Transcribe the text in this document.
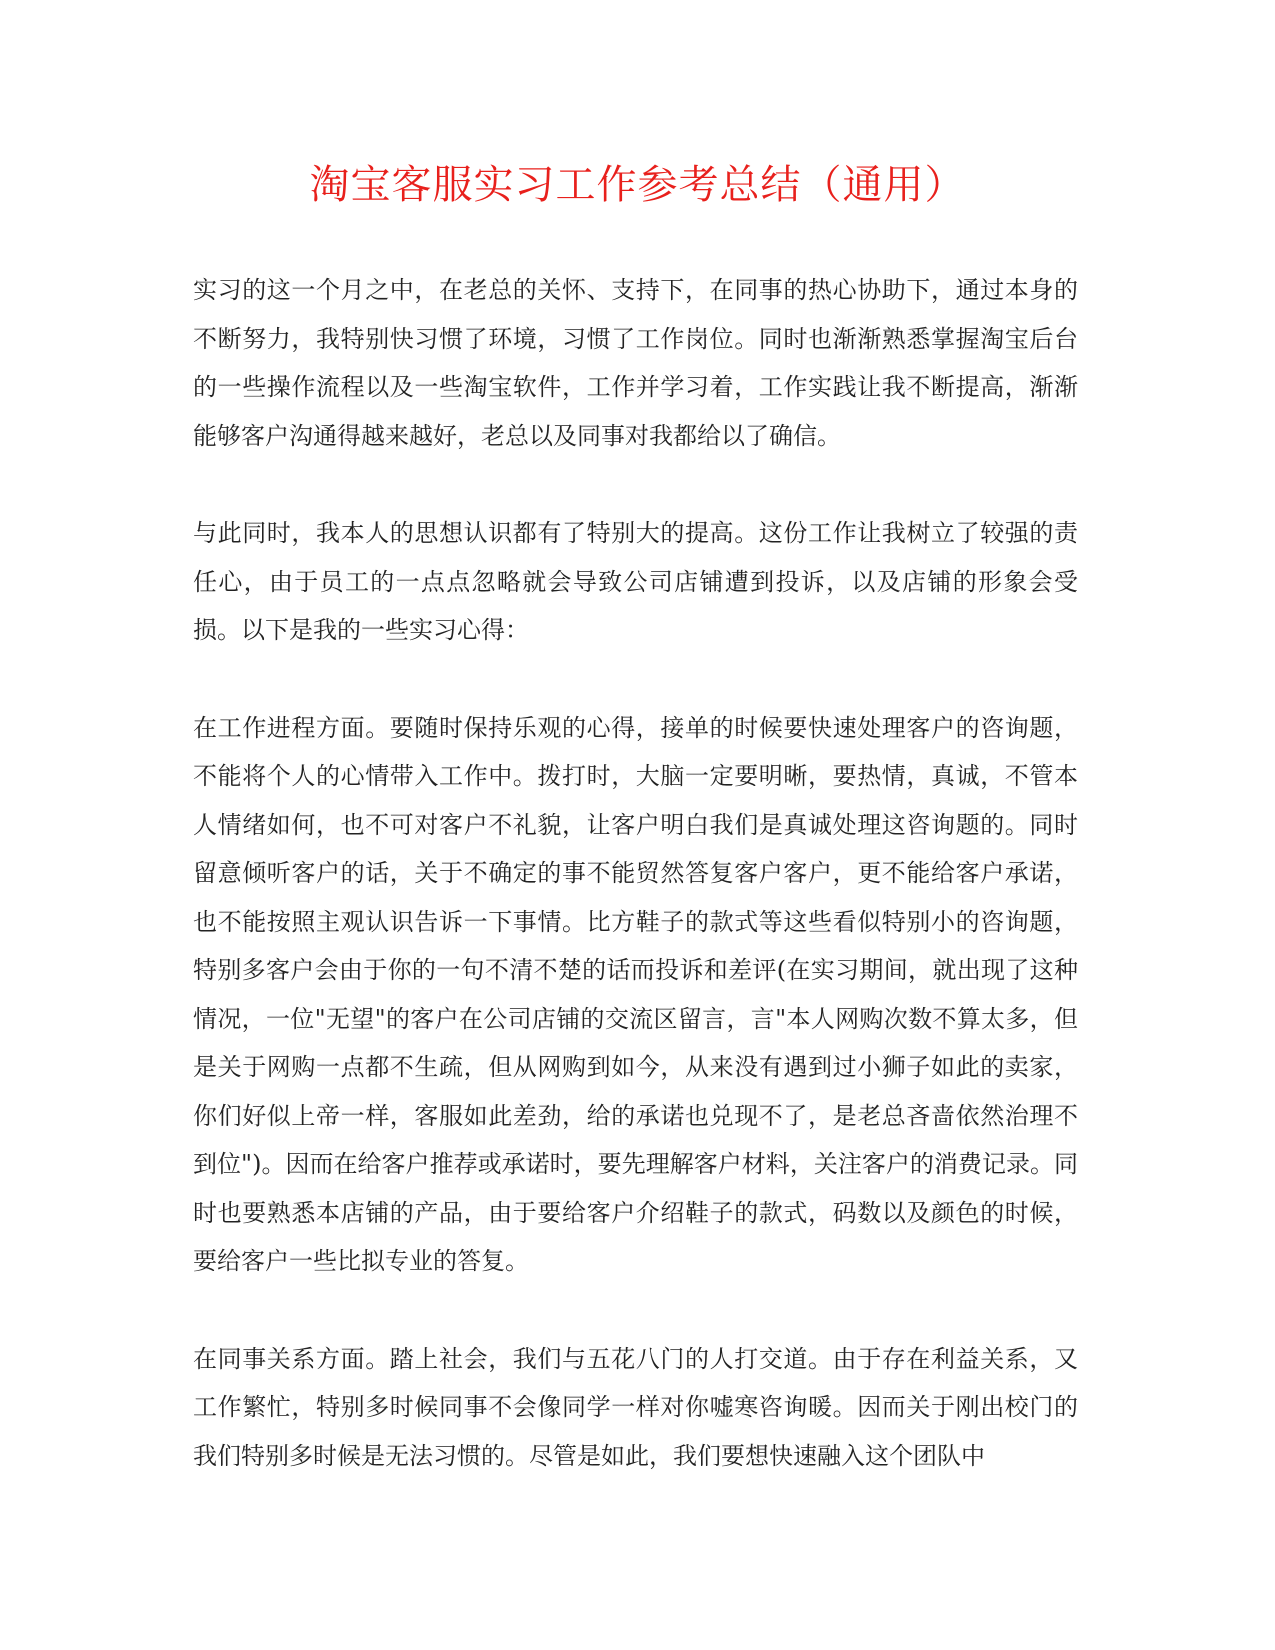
淘宝客服实习工作参考总结（通用）

实习的这一个月之中，在老总的关怀、支持下，在同事的热心协助下，通过本身的不断努力，我特别快习惯了环境，习惯了工作岗位。同时也渐渐熟悉掌握淘宝后台的一些操作流程以及一些淘宝软件，工作并学习着，工作实践让我不断提高，渐渐能够客户沟通得越来越好，老总以及同事对我都给以了确信。

与此同时，我本人的思想认识都有了特别大的提高。这份工作让我树立了较强的责任心，由于员工的一点点忽略就会导致公司店铺遭到投诉，以及店铺的形象会受损。以下是我的一些实习心得：

在工作进程方面。要随时保持乐观的心得，接单的时候要快速处理客户的咨询题，不能将个人的心情带入工作中。拨打时，大脑一定要明晰，要热情，真诚，不管本人情绪如何，也不可对客户不礼貌，让客户明白我们是真诚处理这咨询题的。同时留意倾听客户的话，关于不确定的事不能贸然答复客户客户，更不能给客户承诺，也不能按照主观认识告诉一下事情。比方鞋子的款式等这些看似特别小的咨询题，特别多客户会由于你的一句不清不楚的话而投诉和差评(在实习期间，就出现了这种情况，一位"无望"的客户在公司店铺的交流区留言，言"本人网购次数不算太多，但是关于网购一点都不生疏，但从网购到如今，从来没有遇到过小狮子如此的卖家，你们好似上帝一样，客服如此差劲，给的承诺也兑现不了，是老总吝啬依然治理不到位")。因而在给客户推荐或承诺时，要先理解客户材料，关注客户的消费记录。同时也要熟悉本店铺的产品，由于要给客户介绍鞋子的款式，码数以及颜色的时候，要给客户一些比拟专业的答复。

在同事关系方面。踏上社会，我们与五花八门的人打交道。由于存在利益关系，又工作繁忙，特别多时候同事不会像同学一样对你嘘寒咨询暖。因而关于刚出校门的我们特别多时候是无法习惯的。尽管是如此，我们要想快速融入这个团队中
